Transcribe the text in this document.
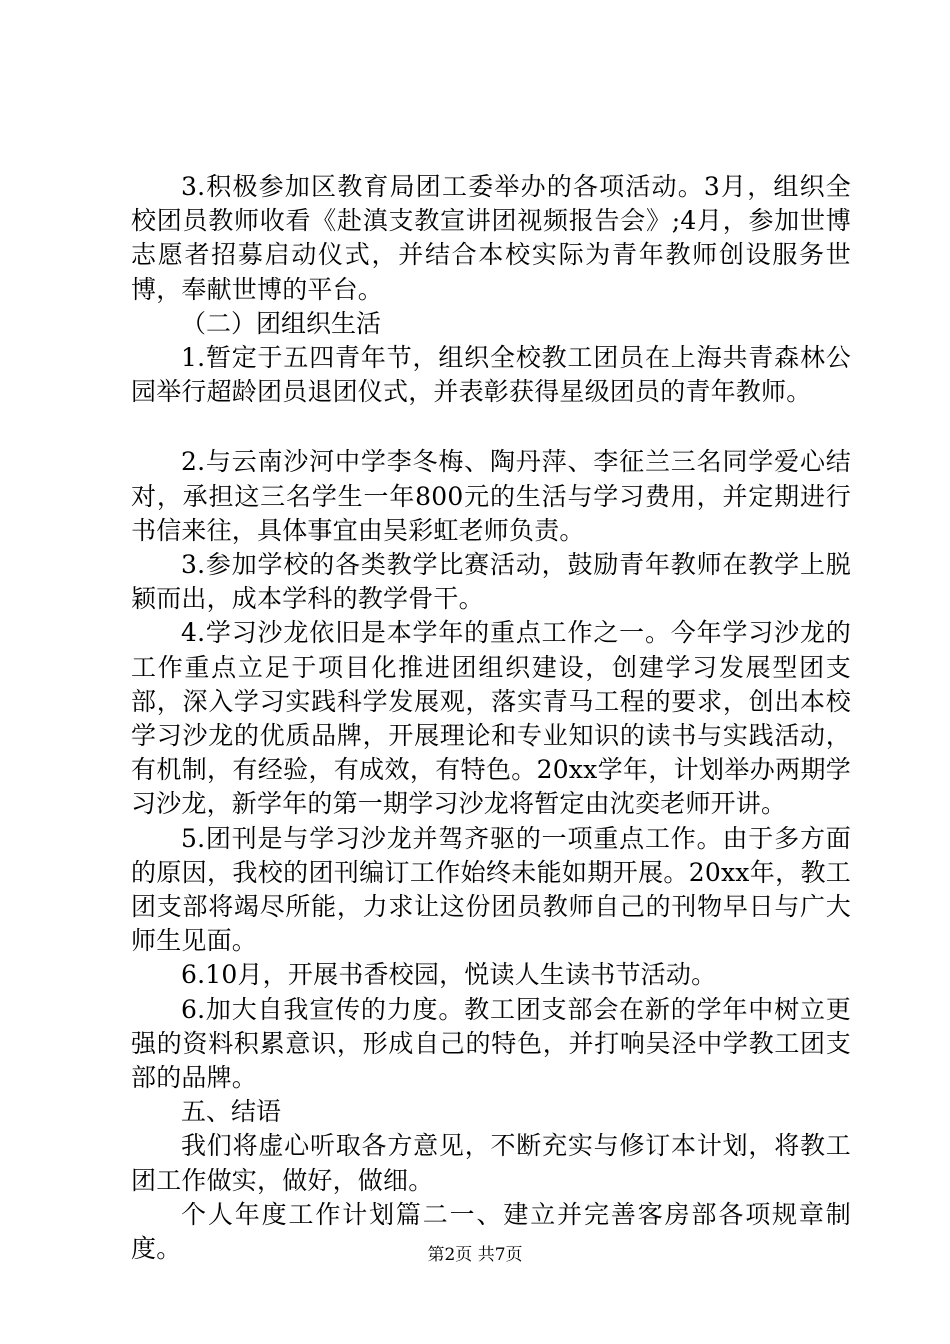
3.积极参加区教育局团工委举办的各项活动。3月，组织全校团员教师收看《赴滇支教宣讲团视频报告会》;4月，参加世博志愿者招募启动仪式，并结合本校实际为青年教师创设服务世博，奉献世博的平台。

（二）团组织生活

1.暂定于五四青年节，组织全校教工团员在上海共青森林公园举行超龄团员退团仪式，并表彰获得星级团员的青年教师。

2.与云南沙河中学李冬梅、陶丹萍、李征兰三名同学爱心结对，承担这三名学生一年800元的生活与学习费用，并定期进行书信来往，具体事宜由吴彩虹老师负责。

3.参加学校的各类教学比赛活动，鼓励青年教师在教学上脱颖而出，成本学科的教学骨干。

4.学习沙龙依旧是本学年的重点工作之一。今年学习沙龙的工作重点立足于项目化推进团组织建设，创建学习发展型团支部，深入学习实践科学发展观，落实青马工程的要求，创出本校学习沙龙的优质品牌，开展理论和专业知识的读书与实践活动，有机制，有经验，有成效，有特色。20xx学年，计划举办两期学习沙龙，新学年的第一期学习沙龙将暂定由沈奕老师开讲。

5.团刊是与学习沙龙并驾齐驱的一项重点工作。由于多方面的原因，我校的团刊编订工作始终未能如期开展。20xx年，教工团支部将竭尽所能，力求让这份团员教师自己的刊物早日与广大师生见面。

6.10月，开展书香校园，悦读人生读书节活动。

6.加大自我宣传的力度。教工团支部会在新的学年中树立更强的资料积累意识，形成自己的特色，并打响吴泾中学教工团支部的品牌。

五、结语

我们将虚心听取各方意见，不断充实与修订本计划，将教工团工作做实，做好，做细。

个人年度工作计划篇二一、建立并完善客房部各项规章制度。	第2页 共7页
